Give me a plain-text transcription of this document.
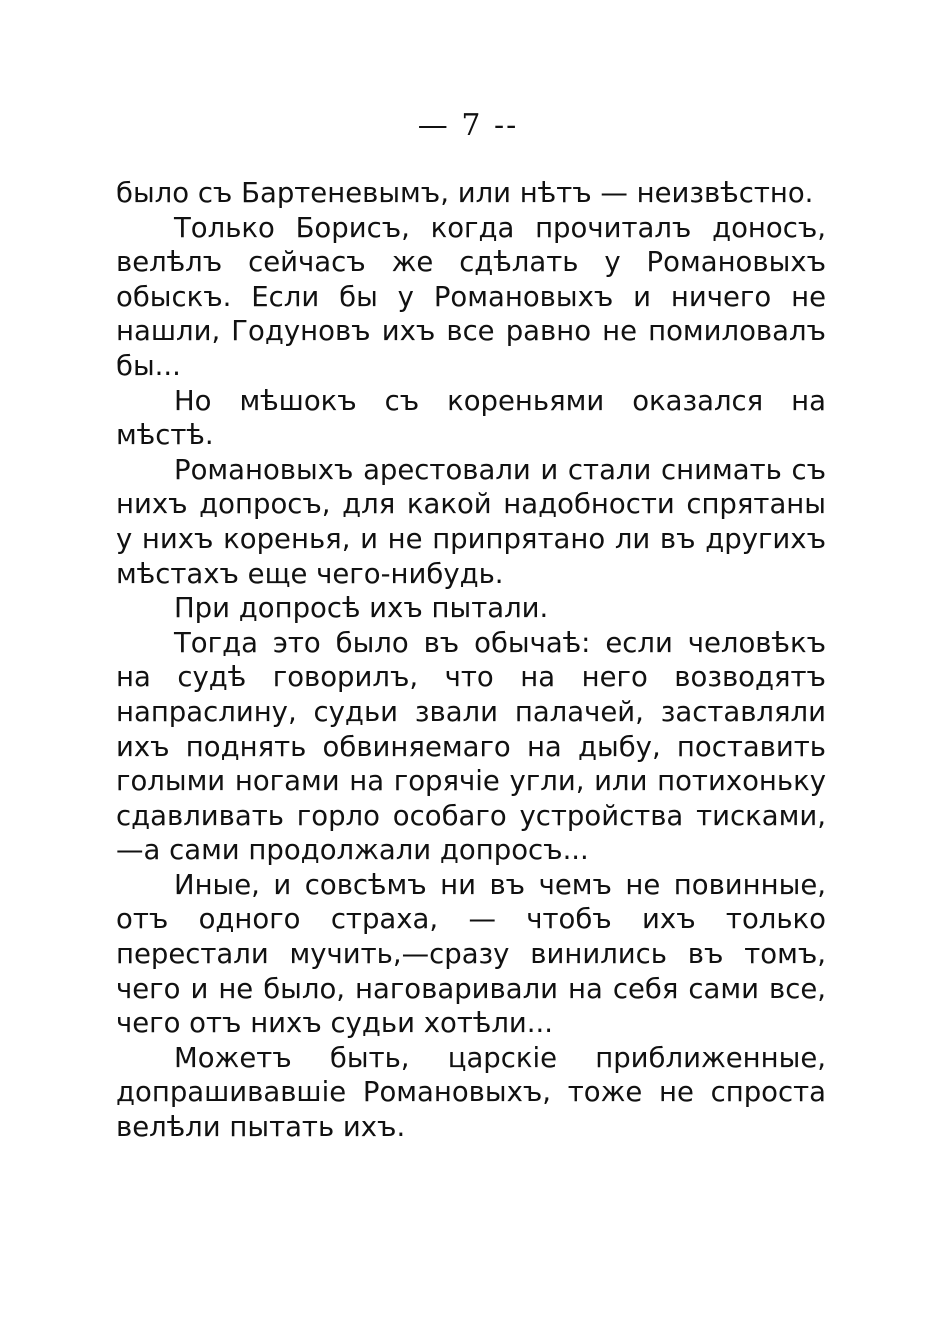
— 7 --

было съ Бартеневымъ, или нѣтъ — неизвѣстно.

Только Борисъ, когда прочиталъ доносъ, велѣлъ сейчасъ же сдѣлать у Романовыхъ обыскъ. Если бы у Романовыхъ и ничего не нашли, Годуновъ ихъ все равно не помиловалъ бы...

Но мѣшокъ съ кореньями оказался на мѣстѣ.

Романовыхъ арестовали и стали снимать съ нихъ допросъ, для какой надобности спрятаны у нихъ коренья, и не припрятано ли въ другихъ мѣстахъ еще чего-нибудь.

При допросѣ ихъ пытали.

Тогда это было въ обычаѣ: если человѣкъ на судѣ говорилъ, что на него возводятъ напраслину, судьи звали палачей, заставляли ихъ поднять обвиняемаго на дыбу, поставить голыми ногами на горячіе угли, или потихоньку сдавливать горло особаго устройства тисками,—а сами продолжали допросъ...

Иные, и совсѣмъ ни въ чемъ не повинные, отъ одного страха, — чтобъ ихъ только перестали мучить,—сразу винились въ томъ, чего и не было, наговаривали на себя сами все, чего отъ нихъ судьи хотѣли...

Можетъ быть, царскіе приближенные, допрашивавшіе Романовыхъ, тоже не спроста велѣли пытать ихъ.
